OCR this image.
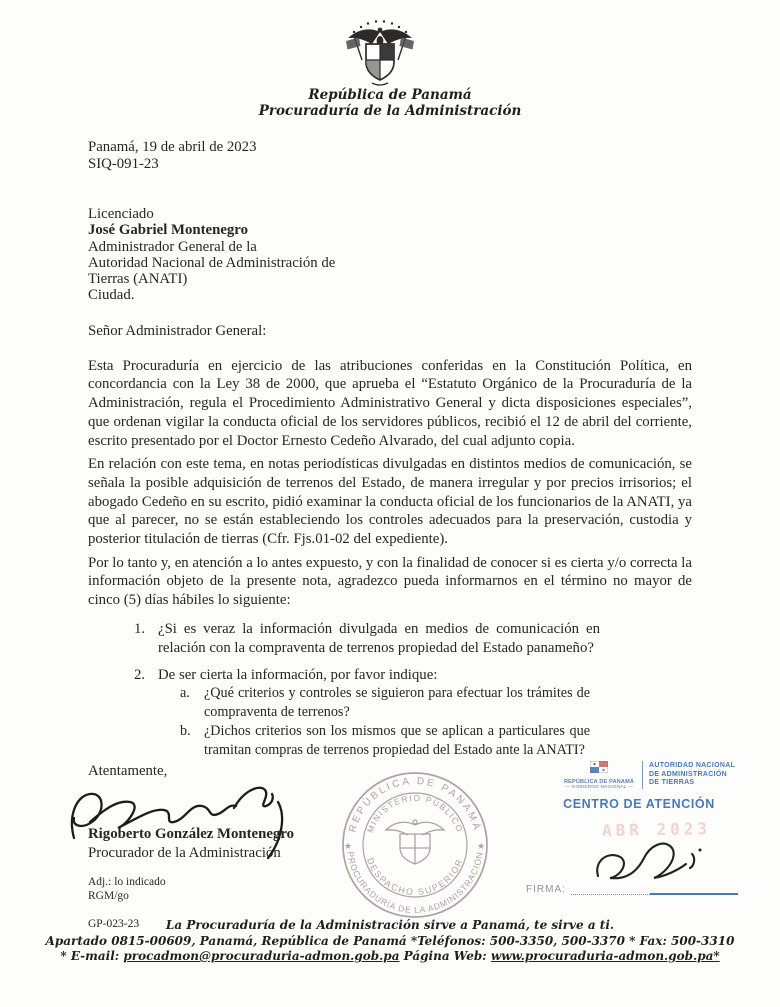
República de Panamá
Procuraduría de la Administración
Panamá, 19 de abril de 2023
SIQ-091-23
Licenciado
José Gabriel Montenegro
Administrador General de la
Autoridad Nacional de Administración de
Tierras (ANATI)
Ciudad.
Señor Administrador General:

Esta Procuraduría en ejercicio de las atribuciones conferidas en la Constitución Política, en concordancia con la Ley 38 de 2000, que aprueba el “Estatuto Orgánico de la Procuraduría de la Administración, regula el Procedimiento Administrativo General y dicta disposiciones especiales”, que ordenan vigilar la conducta oficial de los servidores públicos, recibió el 12 de abril del corriente, escrito presentado por el Doctor Ernesto Cedeño Alvarado, del cual adjunto copia.

En relación con este tema, en notas periodísticas divulgadas en distintos medios de comunicación, se señala la posible adquisición de terrenos del Estado, de manera irregular y por precios irrisorios; el abogado Cedeño en su escrito, pidió examinar la conducta oficial de los funcionarios de la ANATI, ya que al parecer, no se están estableciendo los controles adecuados para la preservación, custodia y posterior titulación de tierras (Cfr. Fjs.01-02 del expediente).

Por lo tanto y, en atención a lo antes expuesto, y con la finalidad de conocer si es cierta y/o correcta la información objeto de la presente nota, agradezco pueda informarnos en el término no mayor de cinco (5) días hábiles lo siguiente:

1. ¿Si es veraz la información divulgada en medios de comunicación en relación con la compraventa de terrenos propiedad del Estado panameño?
2. De ser cierta la información, por favor indique:
a. ¿Qué criterios y controles se siguieron para efectuar los trámites de compraventa de terrenos?
b. ¿Dichos criterios son los mismos que se aplican a particulares que tramitan compras de terrenos propiedad del Estado ante la ANATI?
Atentamente,
Rigoberto González Montenegro
Procurador de la Administración
Adj.: lo indicado
RGM/go
GP-023-23
REPÚBLICA DE PANAMÁ
PROCURADURÍA DE LA ADMINISTRACIÓN
MINISTERIO PÚBLICO
DESPACHO SUPERIOR
★	★
REPÚBLICA DE PANAMÁ
— GOBIERNO NACIONAL —
AUTORIDAD NACIONAL
DE ADMINISTRACIÓN
DE TIERRAS
CENTRO DE ATENCIÓN
ABR 2023
FIRMA:
La Procuraduría de la Administración sirve a Panamá, te sirve a ti.
Apartado 0815-00609, Panamá, República de Panamá *Teléfonos: 500-3350, 500-3370 * Fax: 500-3310
* E-mail: procadmon@procuraduria-admon.gob.pa Página Web: www.procuraduria-admon.gob.pa*
